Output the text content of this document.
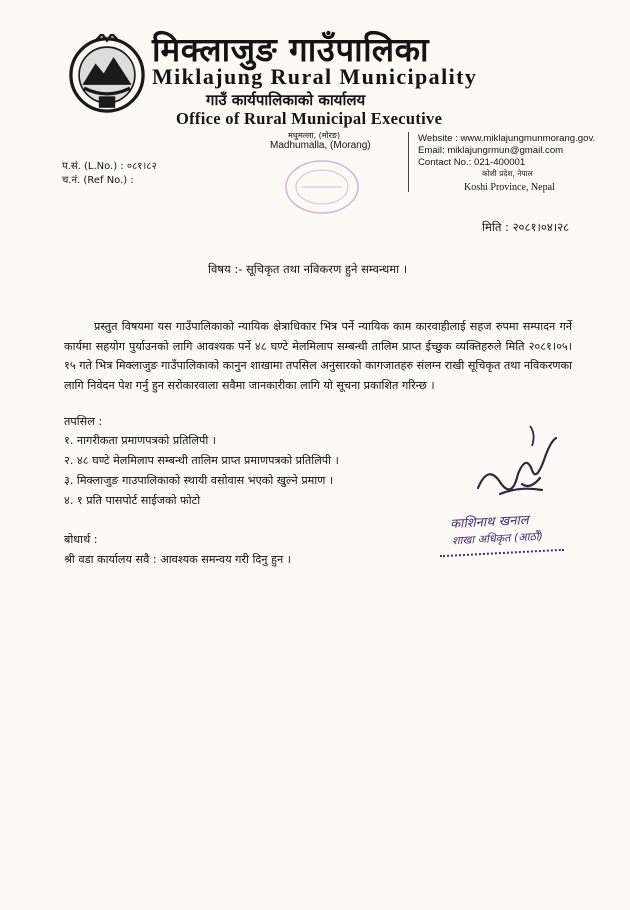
मिक्लाजुङ गाउँपालिका
Miklajung Rural Municipality
गाउँ कार्यपालिकाको कार्यालय
Office of Rural Municipal Executive
मधुमल्ला, (मोरङ)
Madhumalla, (Morang)
Website : www.miklajungmunmorang.gov.
Email: miklajungrmun@gmail.com
Contact No.: 021-400001
कोशी प्रदेश, नेपाल
Koshi Province, Nepal
प.सं. (L.No.) : ०८१।८२
च.नं. (Ref No.) :
मिति : २०८१।०४।२८
विषय :- सूचिकृत तथा नविकरण हुने सम्वन्धमा ।
प्रस्तुत विषयमा यस गाउँपालिकाको न्यायिक क्षेत्राधिकार भित्र पर्ने न्यायिक काम कारवाहीलाई सहज रुपमा सम्पादन गर्ने कार्यमा सहयोग पुर्याउनको लागि आवश्यक पर्ने ४८ घण्टे मेलमिलाप सम्बन्धी तालिम प्राप्त ईच्छुक व्यक्तिहरुले मिति २०८१।०५।१५ गते भित्र मिक्लाजुङ गाउँपालिकाको कानुन शाखामा तपसिल अनुसारको कागजातहरु संलग्न राखी सूचिकृत तथा नविकरणका लागि निवेदन पेश गर्नु हुन सरोकारवाला सवैमा जानकारीका लागि यो सूचना प्रकाशित गरिन्छ ।
तपसिल :
१. नागरीकता प्रमाणपत्रको प्रतिलिपी ।
२. ४८ घण्टे मेलमिलाप सम्बन्धी तालिम प्राप्त प्रमाणपत्रको प्रतिलिपी ।
३. मिक्लाजुङ गाउपालिकाको स्थायी वसोवास भएको खुल्ने प्रमाण ।
४. १ प्रति पासपोर्ट साईजको फोटो
काशिनाथ खनाल
शाखा अधिकृत (आठौं)
बोधार्थ :
श्री वडा कार्यालय सवै : आवश्यक समन्वय गरी दिनु हुन ।
